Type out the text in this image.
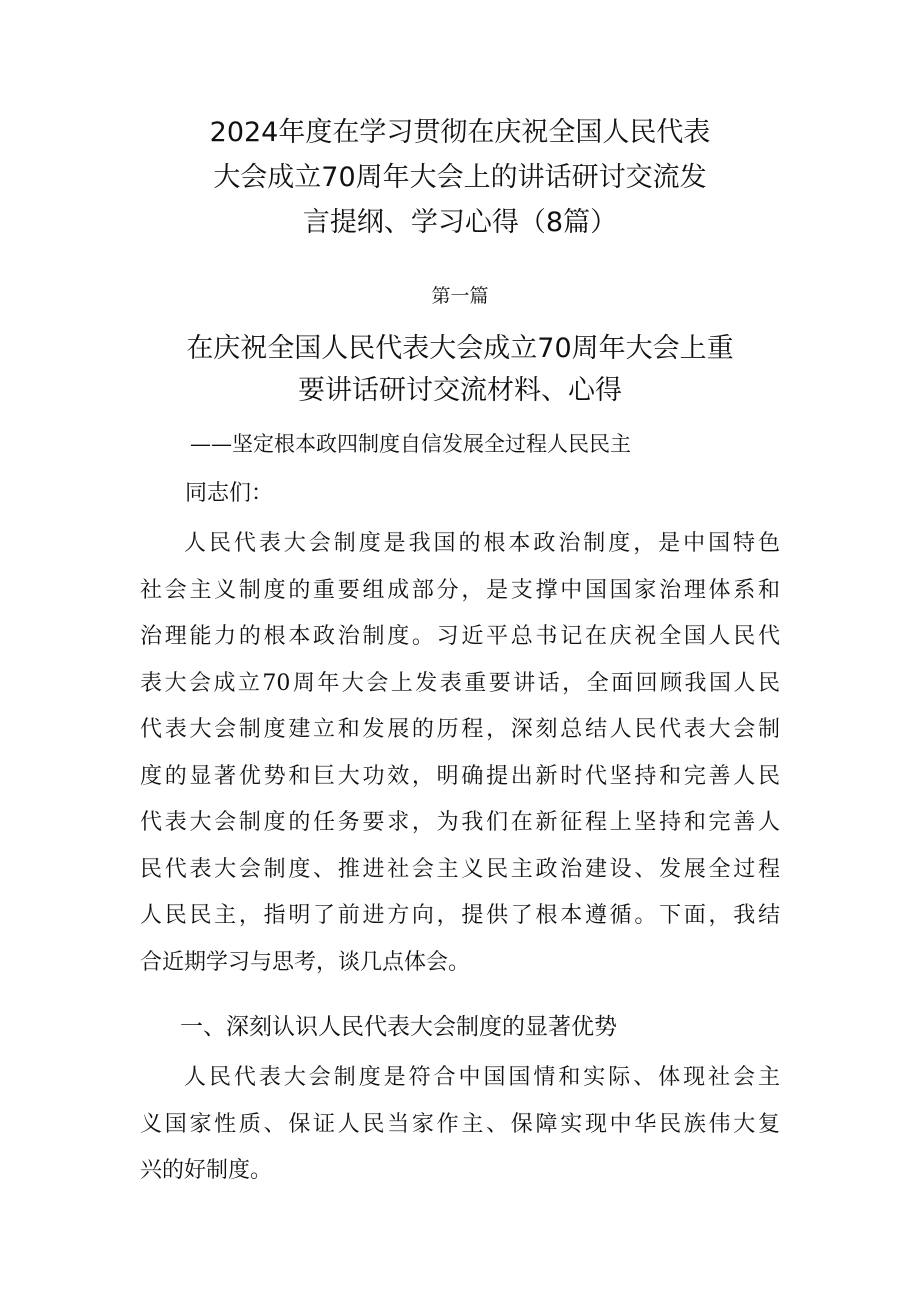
2024年度在学习贯彻在庆祝全国人民代表
大会成立70周年大会上的讲话研讨交流发
言提纲、学习心得（8篇）
第一篇
在庆祝全国人民代表大会成立70周年大会上重
要讲话研讨交流材料、心得
——坚定根本政四制度自信发展全过程人民民主
同志们：
人民代表大会制度是我国的根本政治制度，是中国特色
社会主义制度的重要组成部分，是支撑中国国家治理体系和
治理能力的根本政治制度。习近平总书记在庆祝全国人民代
表大会成立70周年大会上发表重要讲话，全面回顾我国人民
代表大会制度建立和发展的历程，深刻总结人民代表大会制
度的显著优势和巨大功效，明确提出新时代坚持和完善人民
代表大会制度的任务要求，为我们在新征程上坚持和完善人
民代表大会制度、推进社会主义民主政治建设、发展全过程
人民民主，指明了前进方向，提供了根本遵循。下面，我结
合近期学习与思考，谈几点体会。
一、深刻认识人民代表大会制度的显著优势
人民代表大会制度是符合中国国情和实际、体现社会主
义国家性质、保证人民当家作主、保障实现中华民族伟大复
兴的好制度。
